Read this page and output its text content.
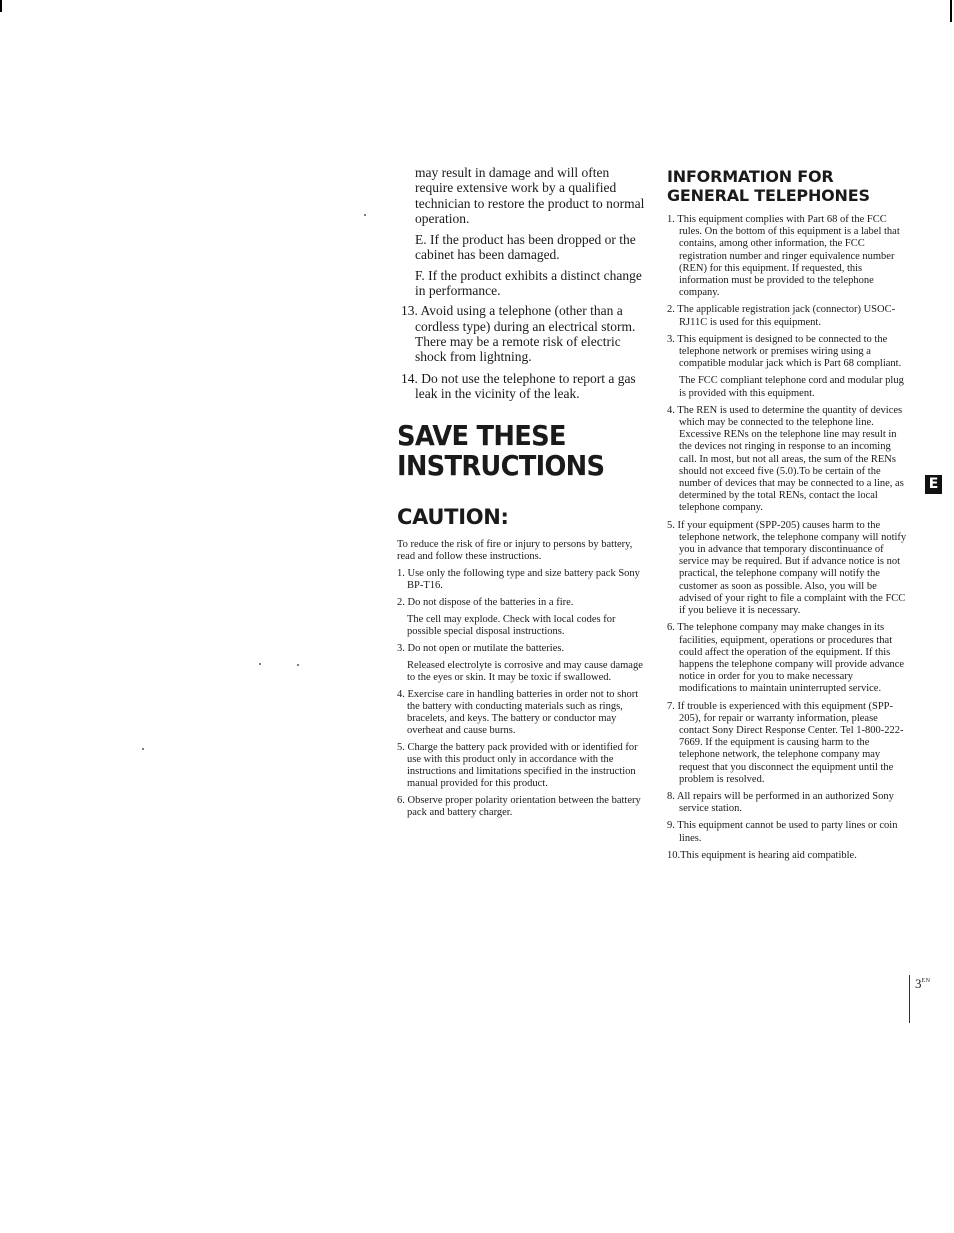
may result in damage and will often require extensive work by a qualified technician to restore the product to normal operation.

E. If the product has been dropped or the cabinet has been damaged.

F. If the product exhibits a distinct change in performance.

13. Avoid using a telephone (other than a cordless type) during an electrical storm. There may be a remote risk of electric shock from lightning.

14. Do not use the telephone to report a gas leak in the vicinity of the leak.

SAVE THESE
INSTRUCTIONS
CAUTION:

To reduce the risk of fire or injury to persons by battery, read and follow these instructions.

1. Use only the following type and size battery pack Sony BP-T16.

2. Do not dispose of the batteries in a fire.

The cell may explode. Check with local codes for possible special disposal instructions.

3. Do not open or mutilate the batteries.

Released electrolyte is corrosive and may cause damage to the eyes or skin. It may be toxic if swallowed.

4. Exercise care in handling batteries in order not to short the battery with conducting materials such as rings, bracelets, and keys. The battery or conductor may overheat and cause burns.

5. Charge the battery pack provided with or identified for use with this product only in accordance with the instructions and limitations specified in the instruction manual provided for this product.

6. Observe proper polarity orientation between the battery pack and battery charger.

INFORMATION FOR
GENERAL TELEPHONES

1. This equipment complies with Part 68 of the FCC rules. On the bottom of this equipment is a label that contains, among other information, the FCC registration number and ringer equivalence number (REN) for this equipment. If requested, this information must be provided to the telephone company.

2. The applicable registration jack (connector) USOC-RJ11C is used for this equipment.

3. This equipment is designed to be connected to the telephone network or premises wiring using a compatible modular jack which is Part 68 compliant.

The FCC compliant telephone cord and modular plug is provided with this equipment.

4. The REN is used to determine the quantity of devices which may be connected to the telephone line. Excessive RENs on the telephone line may result in the devices not ringing in response to an incoming call. In most, but not all areas, the sum of the RENs should not exceed five (5.0).To be certain of the number of devices that may be connected to a line, as determined by the total RENs, contact the local telephone company.

5. If your equipment (SPP-205) causes harm to the telephone network, the telephone company will notify you in advance that temporary discontinuance of service may be required. But if advance notice is not practical, the telephone company will notify the customer as soon as possible. Also, you will be advised of your right to file a complaint with the FCC if you believe it is necessary.

6. The telephone company may make changes in its facilities, equipment, operations or procedures that could affect the operation of the equipment. If this happens the telephone company will provide advance notice in order for you to make necessary modifications to maintain uninterrupted service.

7. If trouble is experienced with this equipment (SPP-205), for repair or warranty information, please contact Sony Direct Response Center. Tel 1-800-222-7669. If the equipment is causing harm to the telephone network, the telephone company may request that you disconnect the equipment until the problem is resolved.

8. All repairs will be performed in an authorized Sony service station.

9. This equipment cannot be used to party lines or coin lines.

10.This equipment is hearing aid compatible.

E
$3^{EN}$
